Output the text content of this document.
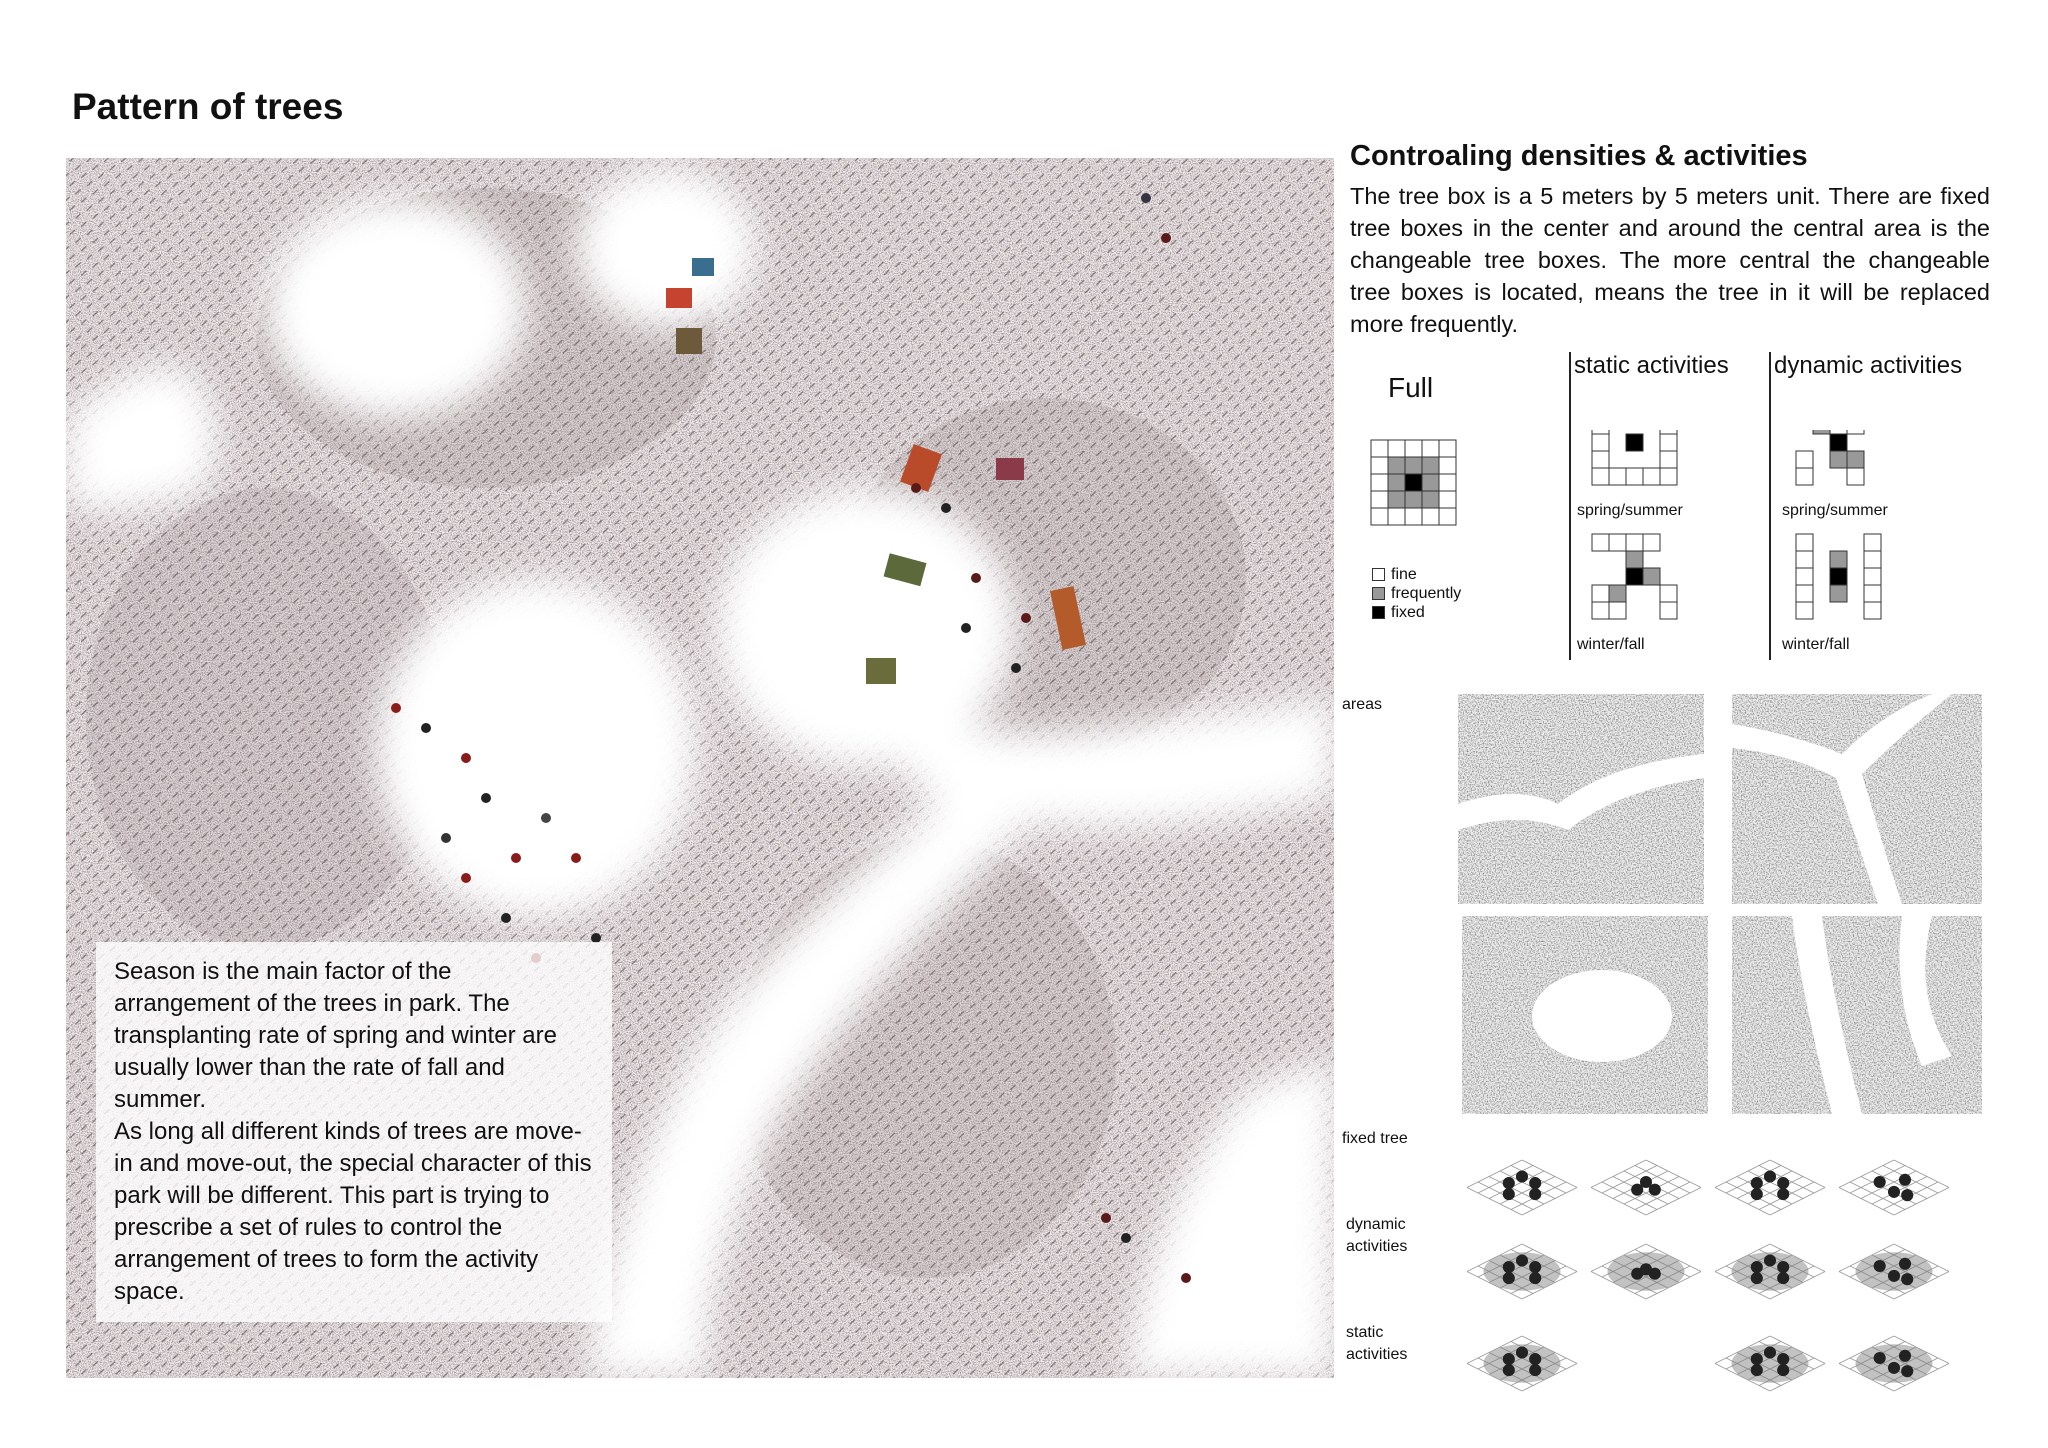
Pattern of trees

Season is the main factor of the arrangement of the trees in park. The transplanting rate of spring and winter are usually lower than the rate of fall and summer.

As long all different kinds of trees are move-in and move-out, the special character of this park will be different. This part is trying to prescribe a set of rules to control the arrangement of trees to form the activity space.

Controaling densities & activities
The tree box is a 5 meters by 5 meters unit. There are fixed tree boxes in the center and around the central area is the changeable tree boxes. The more central the changeable tree boxes is located, means the tree in it will be replaced more frequently.
Full
static activities dynamic activities
spring/summer
winter/fall
spring/summer
winter/fall
fine
frequently
fixed
areas
fixed tree
dynamic activities
static activities
